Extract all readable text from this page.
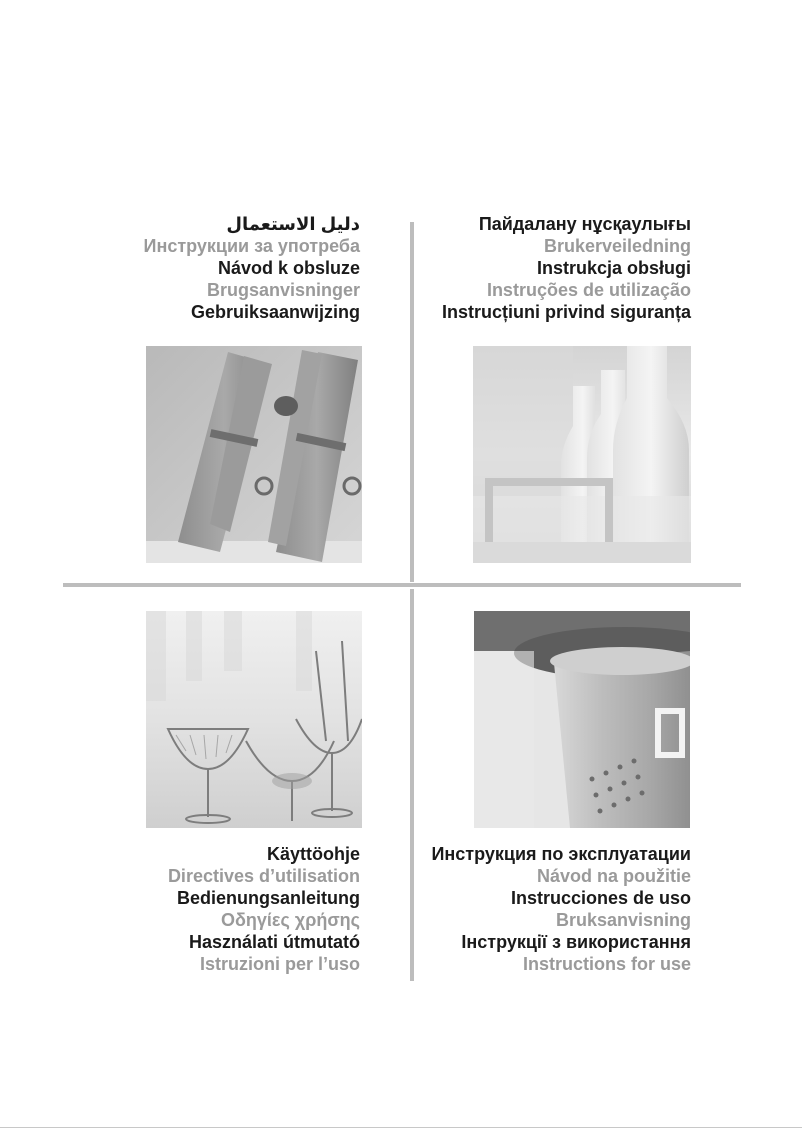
دليل الاستعمال
Инструкции за употреба
Návod k obsluze
Brugsanvisninger
Gebruiksaanwijzing
Пайдалану нұсқаулығы
Brukerveiledning
Instrukcja obsługi
Instruções de utilização
Instrucțiuni privind siguranța
Käyttöohje
Directives d’utilisation
Bedienungsanleitung
Οδηγίες χρήσης
Használati útmutató
Istruzioni per l’uso
Инструкция по эксплуатации
Návod na použitie
Instrucciones de uso
Bruksanvisning
Інструкції з використання
Instructions for use
